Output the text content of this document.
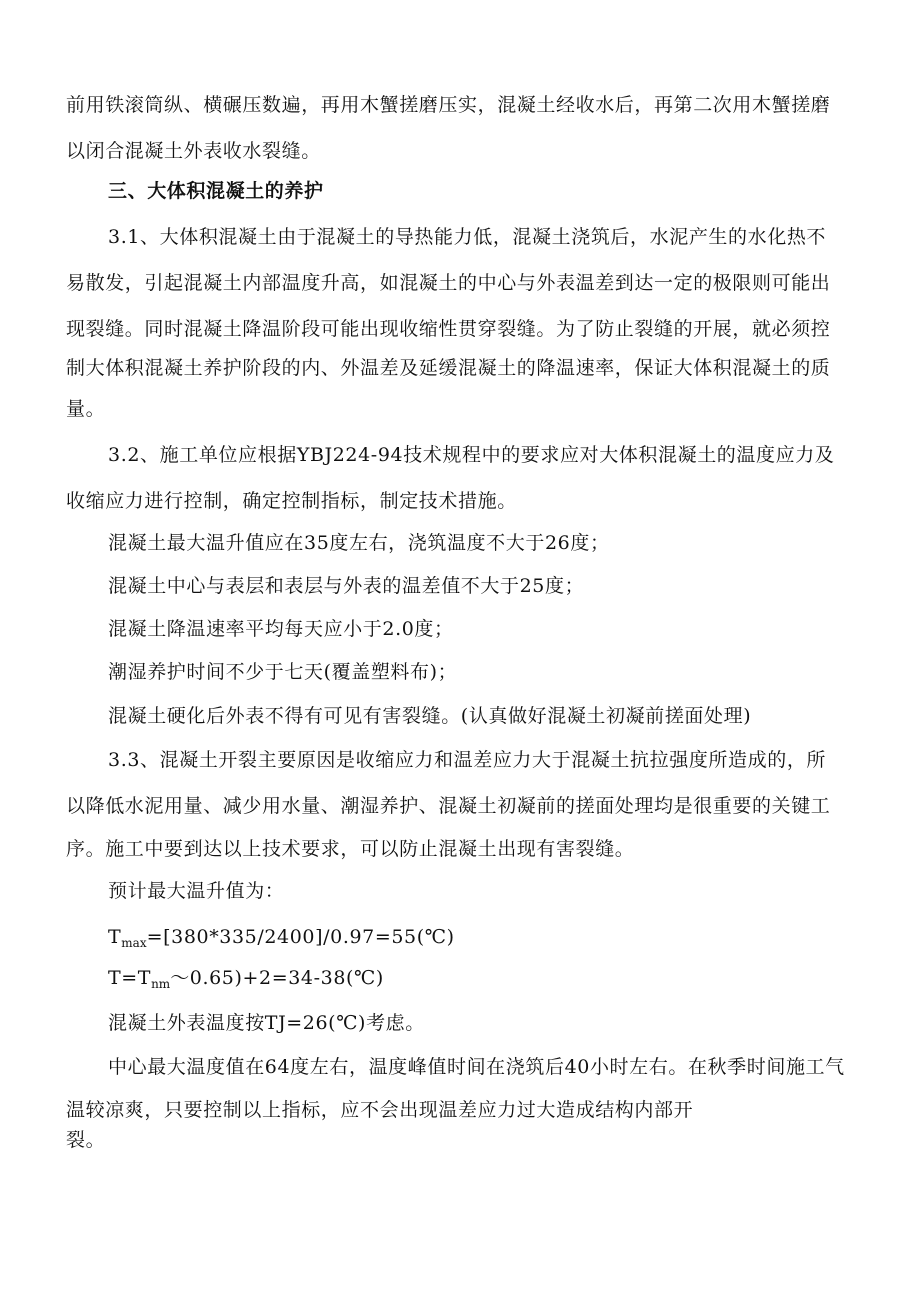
前用铁滚筒纵、横碾压数遍，再用木蟹搓磨压实，混凝土经收水后，再第二次用木蟹搓磨
以闭合混凝土外表收水裂缝。
三、大体积混凝土的养护
3.1、大体积混凝土由于混凝土的导热能力低，混凝土浇筑后，水泥产生的水化热不
易散发，引起混凝土内部温度升高，如混凝土的中心与外表温差到达一定的极限则可能出
现裂缝。同时混凝土降温阶段可能出现收缩性贯穿裂缝。为了防止裂缝的开展，就必须控
制大体积混凝土养护阶段的内、外温差及延缓混凝土的降温速率，保证大体积混凝土的质
量。
3.2、施工单位应根据YBJ224-94技术规程中的要求应对大体积混凝土的温度应力及
收缩应力进行控制，确定控制指标，制定技术措施。
混凝土最大温升值应在35度左右，浇筑温度不大于26度；
混凝土中心与表层和表层与外表的温差值不大于25度；
混凝土降温速率平均每天应小于2.0度；
潮湿养护时间不少于七天(覆盖塑料布)；
混凝土硬化后外表不得有可见有害裂缝。(认真做好混凝土初凝前搓面处理)
3.3、混凝土开裂主要原因是收缩应力和温差应力大于混凝土抗拉强度所造成的，所
以降低水泥用量、减少用水量、潮湿养护、混凝土初凝前的搓面处理均是很重要的关键工
序。施工中要到达以上技术要求，可以防止混凝土出现有害裂缝。
预计最大温升值为：
$T_{max}=[380*335/2400]/0.97=55(℃)$
$T=T_{nm}\sim 0.65)+2=34-38(℃)$
混凝土外表温度按TJ=26(℃)考虑。
中心最大温度值在64度左右，温度峰值时间在浇筑后40小时左右。在秋季时间施工气
温较凉爽，只要控制以上指标，应不会出现温差应力过大造成结构内部开
裂。
